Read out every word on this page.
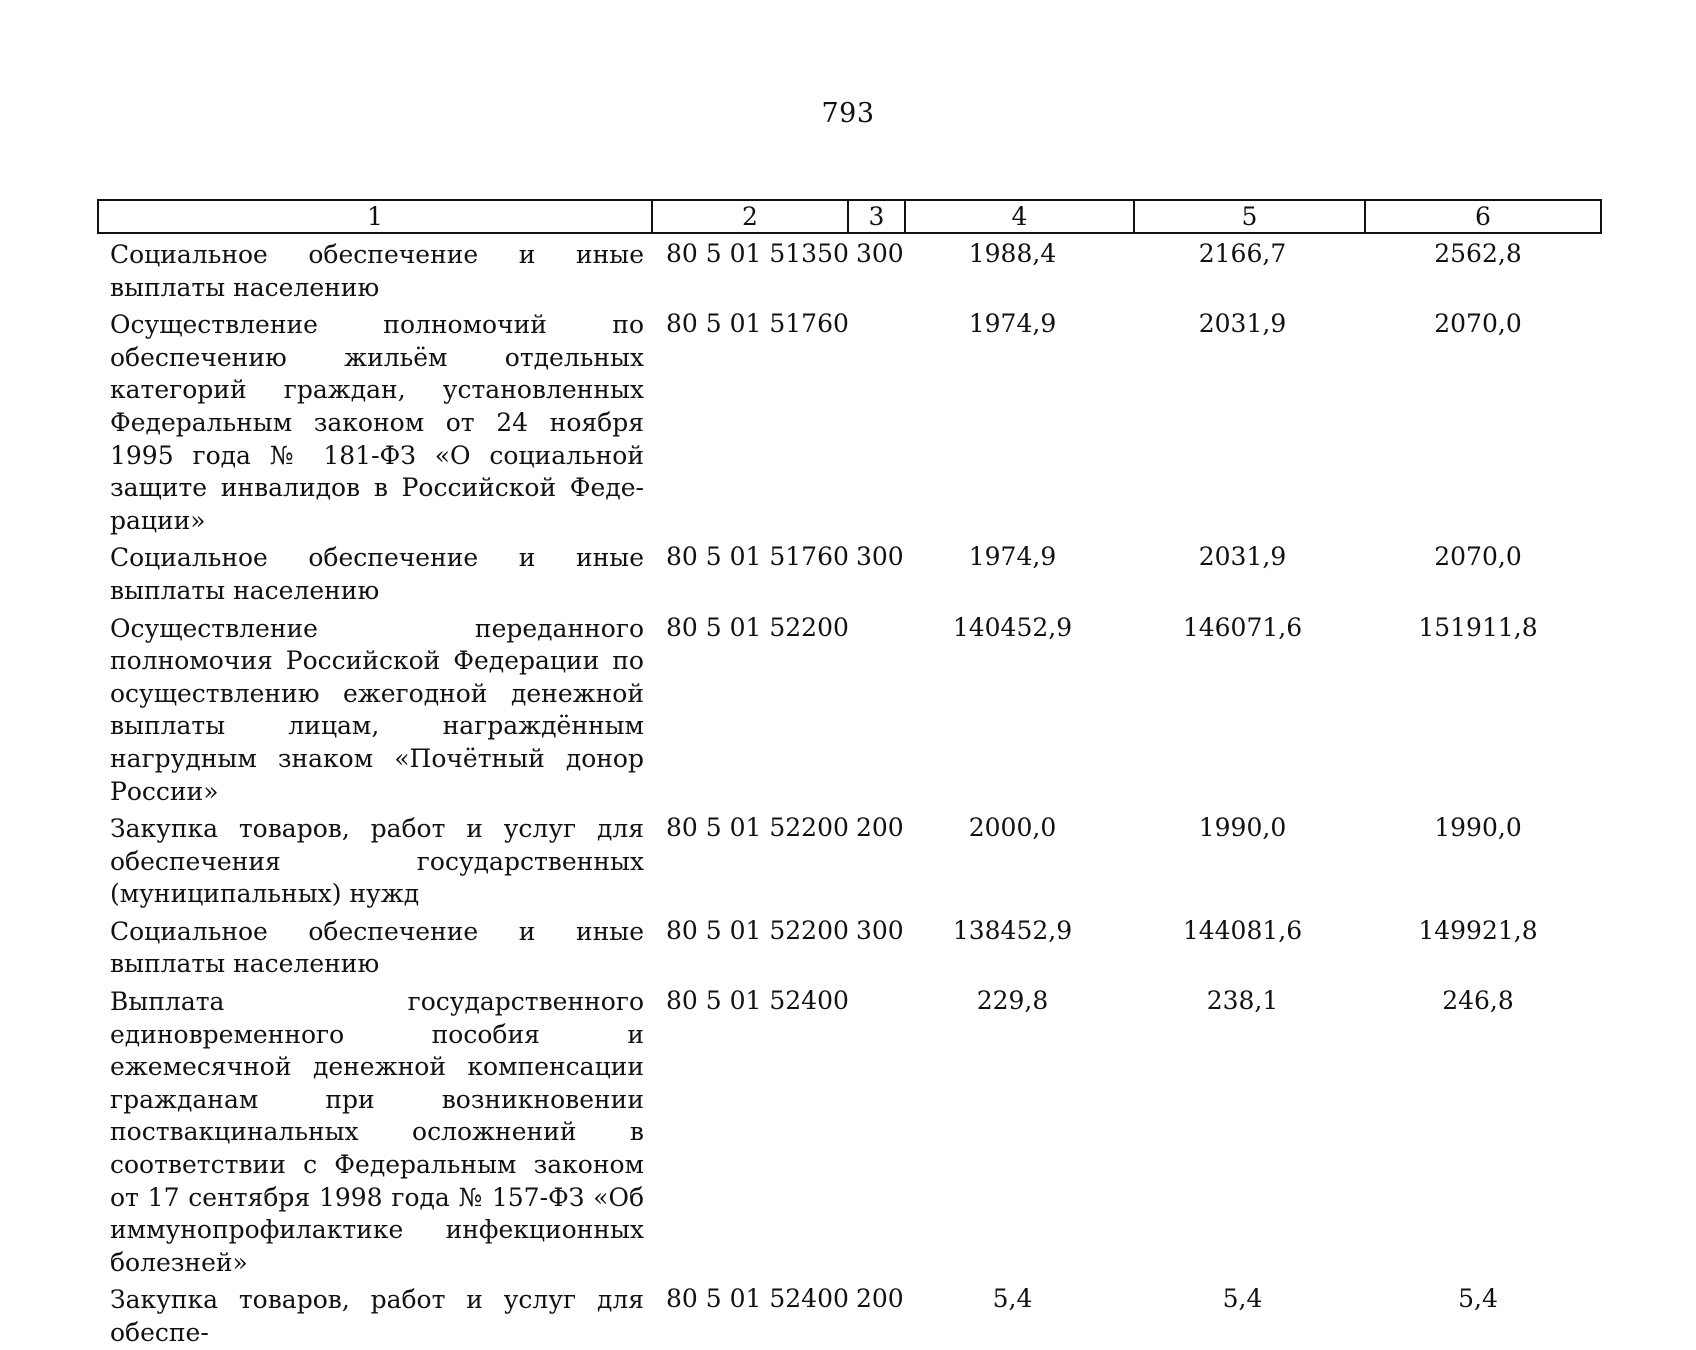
793
1	2	3	4	5	6
Социальное обеспечение и иные выплаты населению	80 5 01 51350	300	1988,4	2166,7	2562,8
Осуществление полномочий по обеспечению жильём отдельных категорий граждан, установленных Федеральным законом от 24 ноября 1995 года № 181-ФЗ «О социальной защите инвалидов в Российской Федерации»	80 5 01 51760		1974,9	2031,9	2070,0
Социальное обеспечение и иные выплаты населению	80 5 01 51760	300	1974,9	2031,9	2070,0
Осуществление переданного полномочия Российской Федерации по осуществлению ежегодной денежной выплаты лицам, награждённым нагрудным знаком «Почётный донор России»	80 5 01 52200		140452,9	146071,6	151911,8
Закупка товаров, работ и услуг для обеспечения государственных (муниципальных) нужд	80 5 01 52200	200	2000,0	1990,0	1990,0
Социальное обеспечение и иные выплаты населению	80 5 01 52200	300	138452,9	144081,6	149921,8
Выплата государственного единовременного пособия и ежемесячной денежной компенсации гражданам при возникновении поствакцинальных осложнений в соответствии с Федеральным законом от 17 сентября 1998 года № 157-ФЗ «Об иммунопрофилактике инфекционных болезней»	80 5 01 52400		229,8	238,1	246,8
Закупка товаров, работ и услуг для обеспе-	80 5 01 52400	200	5,4	5,4	5,4
